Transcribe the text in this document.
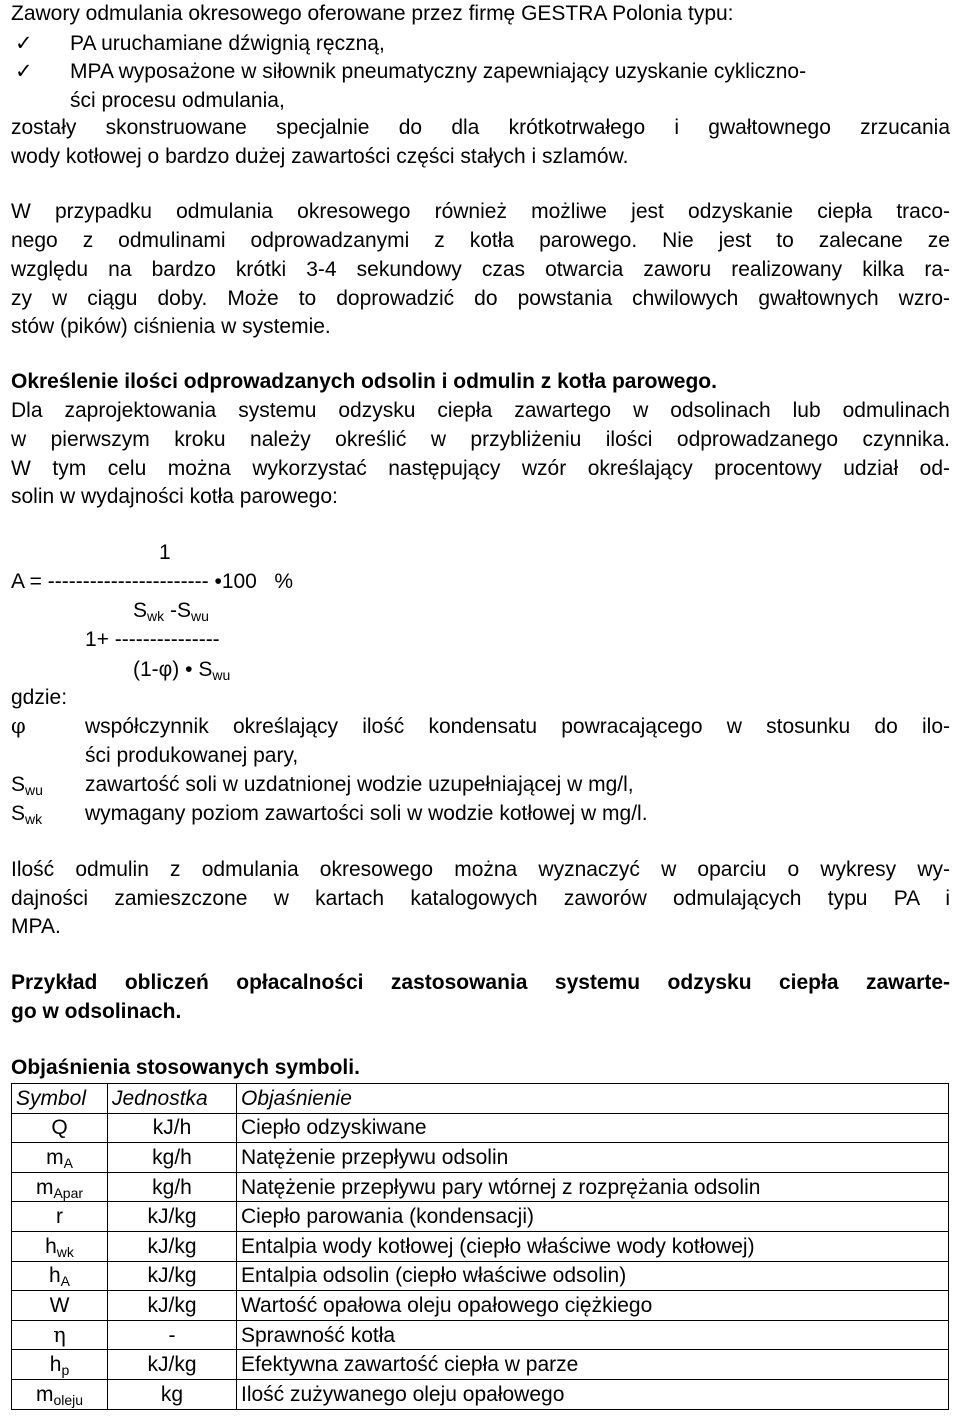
Zawory odmulania okresowego oferowane przez firmę GESTRA Polonia typu:
✓ PA uruchamiane dźwignią ręczną,
✓ MPA wyposażone w siłownik pneumatyczny zapewniający uzyskanie cykliczno-
ści procesu odmulania,
zostały skonstruowane specjalnie do dla krótkotrwałego i gwałtownego zrzucania
wody kotłowej o bardzo dużej zawartości części stałych i szlamów.
W przypadku odmulania okresowego również możliwe jest odzyskanie ciepła traco-
nego z odmulinami odprowadzanymi z kotła parowego. Nie jest to zalecane ze
względu na bardzo krótki 3-4 sekundowy czas otwarcia zaworu realizowany kilka ra-
zy w ciągu doby. Może to doprowadzić do powstania chwilowych gwałtownych wzro-
stów (pików) ciśnienia w systemie.
Określenie ilości odprowadzanych odsolin i odmulin z kotła parowego.
Dla zaprojektowania systemu odzysku ciepła zawartego w odsolinach lub odmulinach
w pierwszym kroku należy określić w przybliżeniu ilości odprowadzanego czynnika.
W tym celu można wykorzystać następujący wzór określający procentowy udział od-
solin w wydajności kotła parowego:
1
A = ----------------------- •100   %
$S_{wk}$ $-S_{wu}$
1+ ---------------
(1-φ) • $S_{wu}$
gdzie:
φ	współczynnik określający ilość kondensatu powracającego w stosunku do ilo-
ści produkowanej pary,
$S_{wu}$ zawartość soli w uzdatnionej wodzie uzupełniającej w mg/l,
$S_{wk}$ wymagany poziom zawartości soli w wodzie kotłowej w mg/l.
Ilość odmulin z odmulania okresowego można wyznaczyć w oparciu o wykresy wy-
dajności zamieszczone w kartach katalogowych zaworów odmulających typu PA i
MPA.
Przykład obliczeń opłacalności zastosowania systemu odzysku ciepła zawarte-
go w odsolinach.
Objaśnienia stosowanych symboli.
Symbol	Jednostka	Objaśnienie
Q	kJ/h	Ciepło odzyskiwane
$m_A$	kg/h	Natężenie przepływu odsolin
$m_{Apar}$	kg/h	Natężenie przepływu pary wtórnej z rozprężania odsolin
r	kJ/kg	Ciepło parowania (kondensacji)
$h_{wk}$	kJ/kg	Entalpia wody kotłowej (ciepło właściwe wody kotłowej)
$h_A$	kJ/kg	Entalpia odsolin (ciepło właściwe odsolin)
W	kJ/kg	Wartość opałowa oleju opałowego ciężkiego
η	-	Sprawność kotła
$h_p$	kJ/kg	Efektywna zawartość ciepła w parze
$m_{oleju}$	kg	Ilość zużywanego oleju opałowego
